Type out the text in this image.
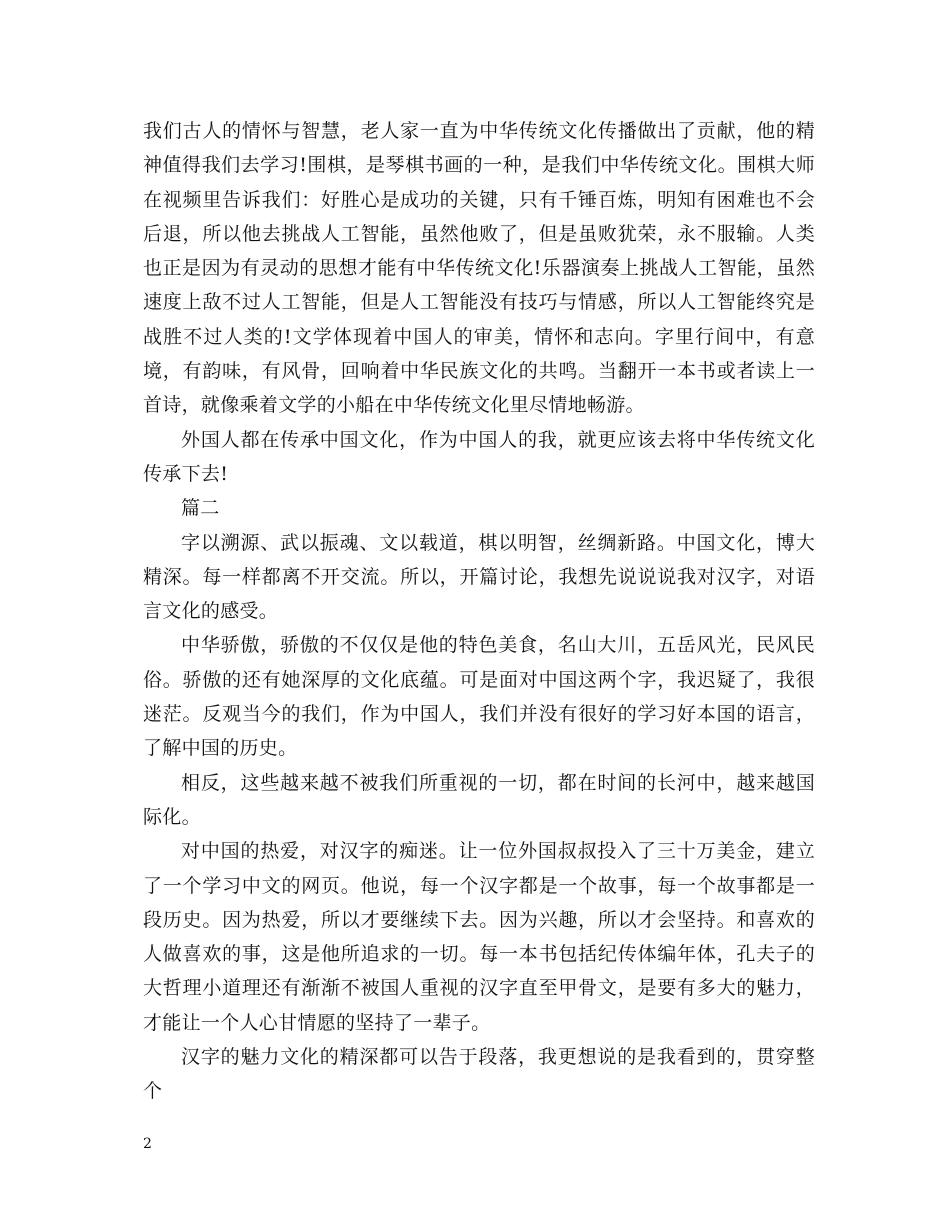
我们古人的情怀与智慧，老人家一直为中华传统文化传播做出了贡献，他的精神值得我们去学习!围棋，是琴棋书画的一种，是我们中华传统文化。围棋大师在视频里告诉我们：好胜心是成功的关键，只有千锤百炼，明知有困难也不会后退，所以他去挑战人工智能，虽然他败了，但是虽败犹荣，永不服输。人类也正是因为有灵动的思想才能有中华传统文化!乐器演奏上挑战人工智能，虽然速度上敌不过人工智能，但是人工智能没有技巧与情感，所以人工智能终究是战胜不过人类的!文学体现着中国人的审美，情怀和志向。字里行间中，有意境，有韵味，有风骨，回响着中华民族文化的共鸣。当翻开一本书或者读上一首诗，就像乘着文学的小船在中华传统文化里尽情地畅游。

外国人都在传承中国文化，作为中国人的我，就更应该去将中华传统文化传承下去!

篇二

字以溯源、武以振魂、文以载道，棋以明智，丝绸新路。中国文化，博大精深。每一样都离不开交流。所以，开篇讨论，我想先说说说我对汉字，对语言文化的感受。

中华骄傲，骄傲的不仅仅是他的特色美食，名山大川，五岳风光，民风民俗。骄傲的还有她深厚的文化底蕴。可是面对中国这两个字，我迟疑了，我很迷茫。反观当今的我们，作为中国人，我们并没有很好的学习好本国的语言，了解中国的历史。

相反，这些越来越不被我们所重视的一切，都在时间的长河中，越来越国际化。

对中国的热爱，对汉字的痴迷。让一位外国叔叔投入了三十万美金，建立了一个学习中文的网页。他说，每一个汉字都是一个故事，每一个故事都是一段历史。因为热爱，所以才要继续下去。因为兴趣，所以才会坚持。和喜欢的人做喜欢的事，这是他所追求的一切。每一本书包括纪传体编年体，孔夫子的大哲理小道理还有渐渐不被国人重视的汉字直至甲骨文，是要有多大的魅力，才能让一个人心甘情愿的坚持了一辈子。

汉字的魅力文化的精深都可以告于段落，我更想说的是我看到的，贯穿整个

2
